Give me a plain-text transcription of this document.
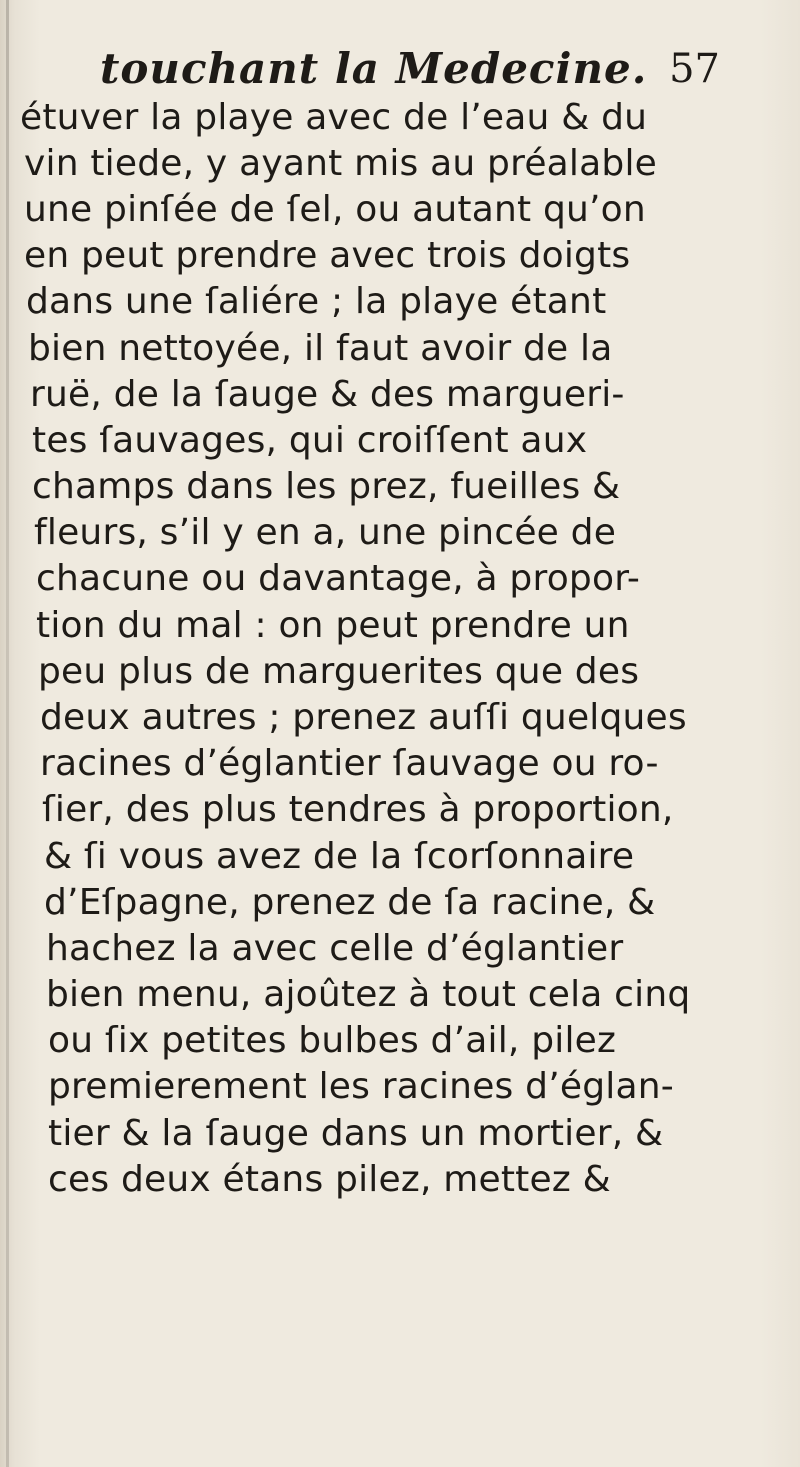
touchant la Medecine. 57
étuver la playe avec de l’eau & du
vin tiede, y ayant mis au préalable
une pinſée de ſel, ou autant qu’on
en peut prendre avec trois doigts
dans une ſaliére ; la playe étant
bien nettoyée, il faut avoir de la
ruë, de la ſauge & des margueri-
tes ſauvages, qui croiſſent aux
champs dans les prez, fueilles &
fleurs, s’il y en a, une pincée de
chacune ou davantage, à propor-
tion du mal : on peut prendre un
peu plus de marguerites que des
deux autres ; prenez auſſi quelques
racines d’églantier ſauvage ou ro-
ſier, des plus tendres à proportion,
& ſi vous avez de la ſcorſonnaire
d’Eſpagne, prenez de ſa racine, &
hachez la avec celle d’églantier
bien menu, ajoûtez à tout cela cinq
ou ſix petites bulbes d’ail, pilez
premierement les racines d’églan-
tier & la ſauge dans un mortier, &
ces deux étans pilez, mettez &
